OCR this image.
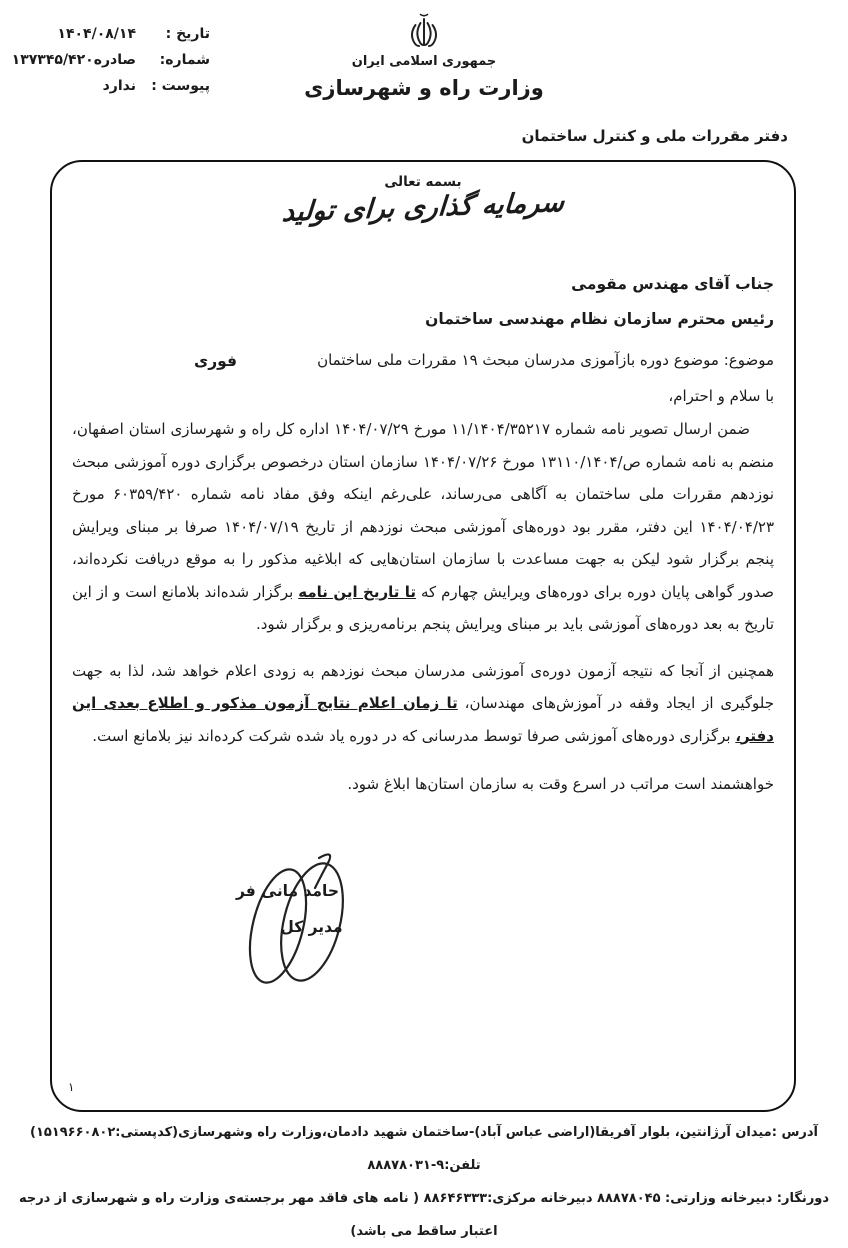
تاریخ :
۱۴۰۴/۰۸/۱۴
شماره:
صادره۱۳۷۳۴۵/۴۲۰
پیوست :
ندارد
جمهوری اسلامی ایران
وزارت راه و شهرسازی
دفتر مقررات ملی و کنترل ساختمان
بسمه تعالی
سرمایه گذاری برای تولید
جناب آقای مهندس مقومی
رئیس محترم سازمان نظام مهندسی ساختمان
موضوع: موضوع دوره بازآموزی مدرسان مبحث ۱۹ مقررات ملی ساختمان
فوری
با سلام و احترام،

ضمن ارسال تصویر نامه شماره ۱۱/۱۴۰۴/۳۵۲۱۷ مورخ ۱۴۰۴/۰۷/۲۹ اداره کل راه و شهرسازی استان اصفهان، منضم به نامه شماره ص/۱۳۱۱۰/۱۴۰۴ مورخ ۱۴۰۴/۰۷/۲۶ سازمان استان درخصوص برگزاری دوره آموزشی مبحث نوزدهم مقررات ملی ساختمان به آگاهی می‌رساند، علی‌رغم اینکه وفق مفاد نامه شماره ۶۰۳۵۹/۴۲۰ مورخ ۱۴۰۴/۰۴/۲۳ این دفتر، مقرر بود دوره‌های آموزشی مبحث نوزدهم از تاریخ ۱۴۰۴/۰۷/۱۹ صرفا بر مبنای ویرایش پنجم برگزار شود لیکن به جهت مساعدت با سازمان استان‌هایی که ابلاغیه مذکور را به موقع دریافت نکرده‌اند، صدور گواهی پایان دوره برای دوره‌های ویرایش چهارم که تا تاریخ این نامه برگزار شده‌اند بلامانع است و از این تاریخ به بعد دوره‌های آموزشی باید بر مبنای ویرایش پنجم برنامه‌ریزی و برگزار شود.

همچنین از آنجا که نتیجه آزمون دوره‌ی آموزشی مدرسان مبحث نوزدهم به زودی اعلام خواهد شد، لذا به جهت جلوگیری از ایجاد وقفه در آموزش‌های مهندسان، تا زمان اعلام نتایج آزمون مذکور و اطلاع بعدی این دفتر، برگزاری دوره‌های آموزشی صرفا توسط مدرسانی که در دوره یاد شده شرکت کرده‌اند نیز بلامانع است.

خواهشمند است مراتب در اسرع وقت به سازمان استان‌ها ابلاغ شود.

حامد مانی فر
مدیر کل
۱
آدرس :میدان آرژانتین، بلوار آفریقا(اراضی عباس آباد)-ساختمان شهید دادمان،وزارت راه وشهرسازی(کدپستی:۱۵۱۹۶۶۰۸۰۲) تلفن:۹-۸۸۸۷۸۰۳۱
دورنگار: دبیرخانه وزارتی: ۸۸۸۷۸۰۴۵ دبیرخانه مرکزی:۸۸۶۴۶۳۳۳ ( نامه های فاقد مهر برجسته‌ی وزارت راه و شهرسازی از درجه اعتبار ساقط می باشد)
